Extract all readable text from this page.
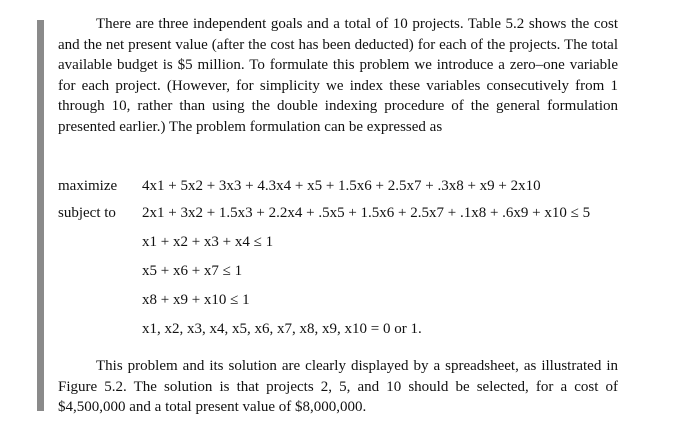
There are three independent goals and a total of 10 projects. Table 5.2 shows the cost and the net present value (after the cost has been deducted) for each of the projects. The total available budget is $5 million. To formulate this problem we introduce a zero–one variable for each project. (However, for simplicity we index these variables consecutively from 1 through 10, rather than using the double indexing procedure of the general formulation presented earlier.) The problem formulation can be expressed as

maximize 4x1 + 5x2 + 3x3 + 4.3x4 + x5 + 1.5x6 + 2.5x7 + .3x8 + x9 + 2x10
subject to 2x1 + 3x2 + 1.5x3 + 2.2x4 + .5x5 + 1.5x6 + 2.5x7 + .1x8 + .6x9 + x10 ≤ 5
x1 + x2 + x3 + x4 ≤ 1
x5 + x6 + x7 ≤ 1
x8 + x9 + x10 ≤ 1
x1, x2, x3, x4, x5, x6, x7, x8, x9, x10 = 0 or 1.

This problem and its solution are clearly displayed by a spreadsheet, as illustrated in Figure 5.2. The solution is that projects 2, 5, and 10 should be selected, for a cost of $4,500,000 and a total present value of $8,000,000.
